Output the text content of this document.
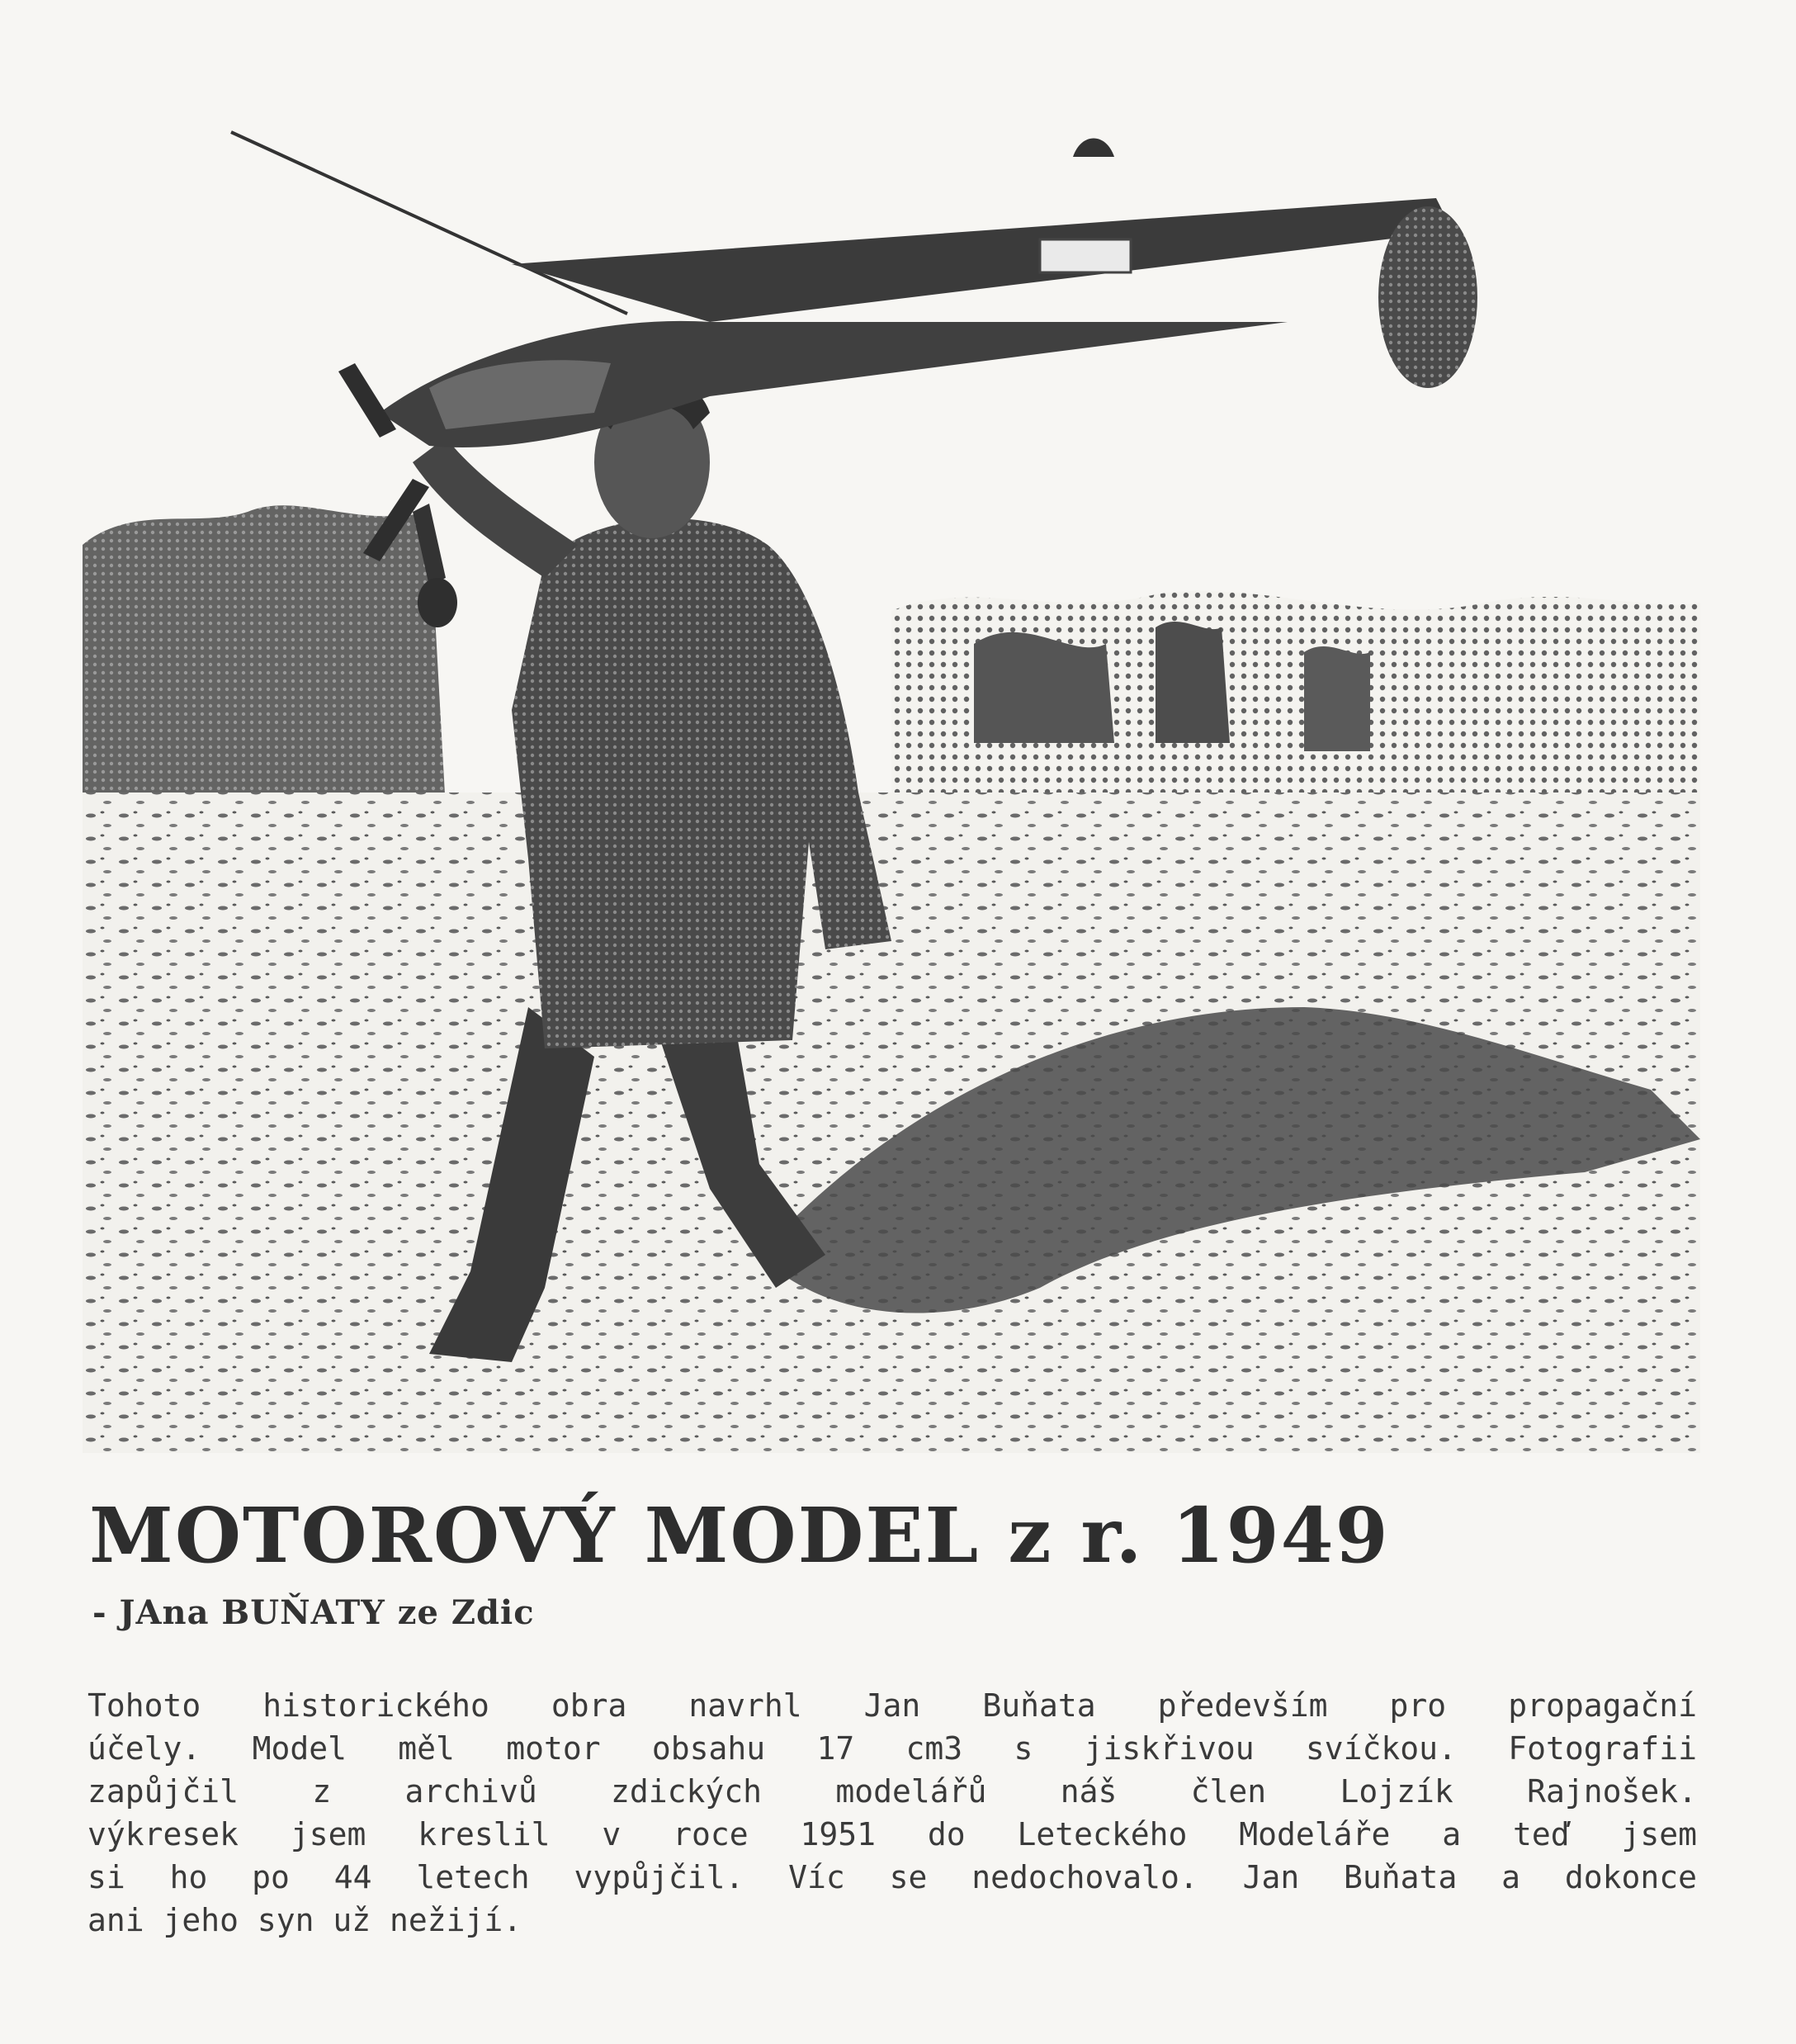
MOTOROVÝ MODEL z r. 1949
- JAna BUŇATY ze Zdic
Tohoto historického obra navrhl Jan Buňata především pro propagační
účely. Model měl motor obsahu 17 cm3 s jiskřivou svíčkou. Fotografii
zapůjčil z archivů zdických modelářů náš člen Lojzík Rajnošek.
výkresek jsem kreslil v roce 1951 do Leteckého Modeláře a teď jsem
si ho po 44 letech vypůjčil. Víc se nedochovalo. Jan Buňata a dokonce
ani jeho syn už nežijí.
